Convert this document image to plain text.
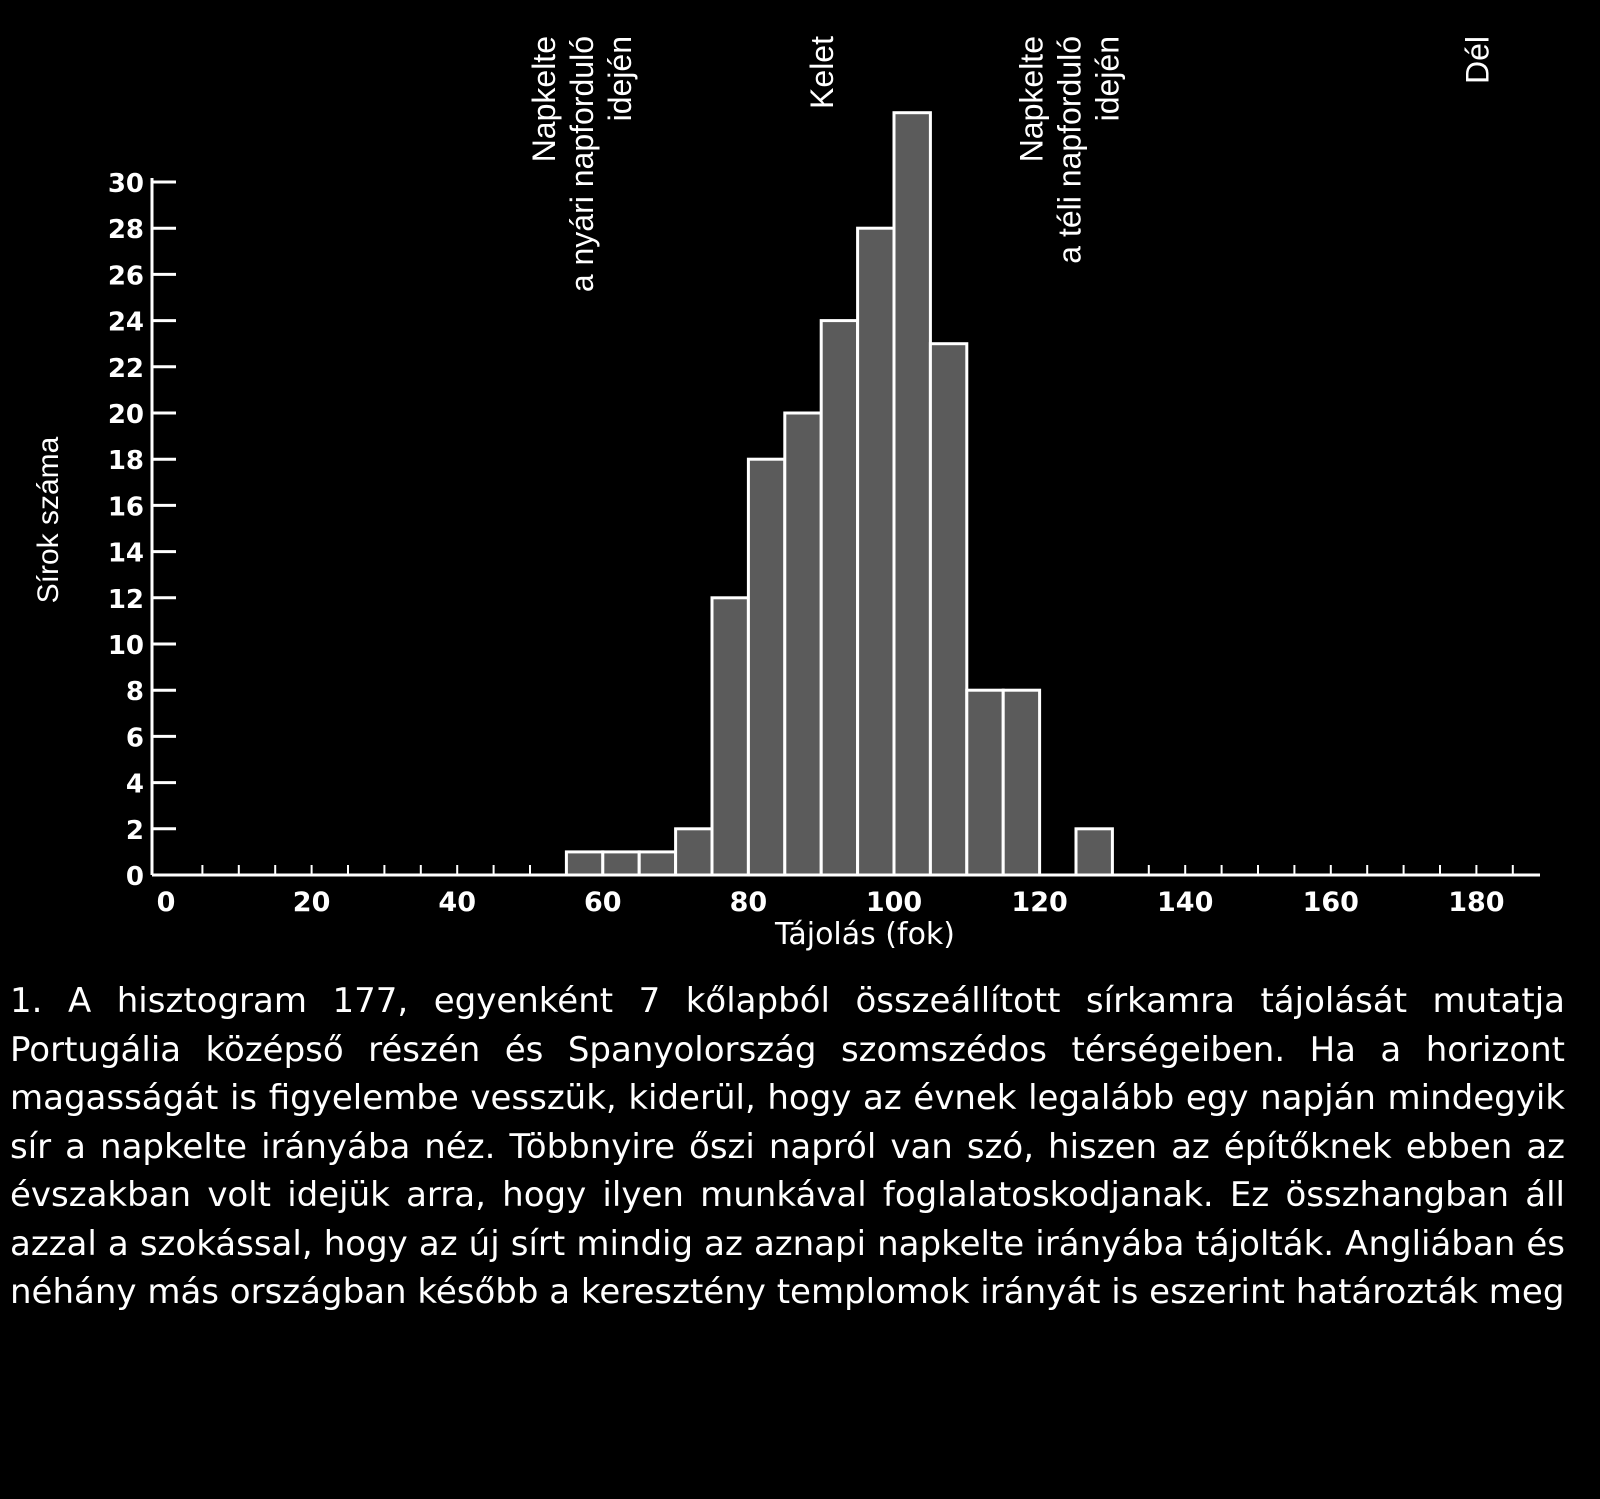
0
2
4
6
8
10
12
14
16
18
20
22
24
26
28
30
0	20	40	60	80	100	120	140	160	180
Tájolás (fok)
Sírok száma
Napkelte a nyári napforduló idején	Kelet	Napkelte a téli napforduló idején	Dél

1. A hisztogram 177, egyenként 7 kőlapból összeállított sírkamra tájolását mutatja Portugália középső részén és Spanyolország szomszédos térségeiben. Ha a horizont magasságát is figyelembe vesszük, kiderül, hogy az évnek legalább egy napján mindegyik sír a napkelte irányába néz. Többnyire őszi napról van szó, hiszen az építőknek ebben az évszakban volt idejük arra, hogy ilyen munkával foglalatoskodjanak. Ez összhangban áll azzal a szokással, hogy az új sírt mindig az aznapi napkelte irányába tájolták. Angliában és néhány más országban később a keresztény templomok irányát is eszerint határozták meg
